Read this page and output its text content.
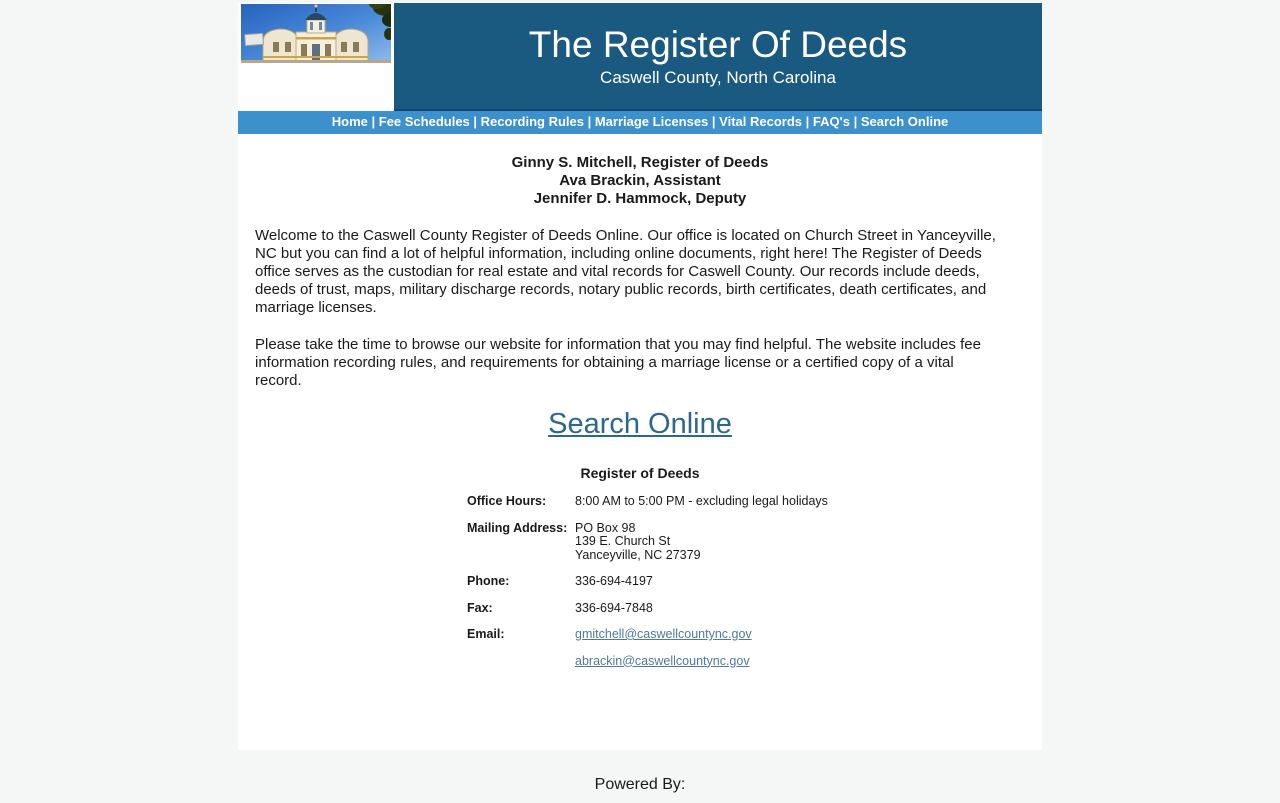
The Register Of Deeds
Caswell County, North Carolina
Home | Fee Schedules | Recording Rules | Marriage Licenses | Vital Records | FAQ's | Search Online
Ginny S. Mitchell, Register of Deeds
Ava Brackin, Assistant
Jennifer D. Hammock, Deputy

Welcome to the Caswell County Register of Deeds Online. Our office is located on Church Street in Yanceyville, NC but you can find a lot of helpful information, including online documents, right here! The Register of Deeds office serves as the custodian for real estate and vital records for Caswell County. Our records include deeds, deeds of trust, maps, military discharge records, notary public records, birth certificates, death certificates, and marriage licenses.

Please take the time to browse our website for information that you may find helpful. The website includes fee information recording rules, and requirements for obtaining a marriage license or a certified copy of a vital record.

Search Online
Register of Deeds
Office Hours:	8:00 AM to 5:00 PM - excluding legal holidays
Mailing Address: PO Box 98
139 E. Church St
Yanceyville, NC 27379
Phone:	336-694-4197
Fax:	336-694-7848
Email:	gmitchell@caswellcountync.gov
abrackin@caswellcountync.gov
Powered By:
